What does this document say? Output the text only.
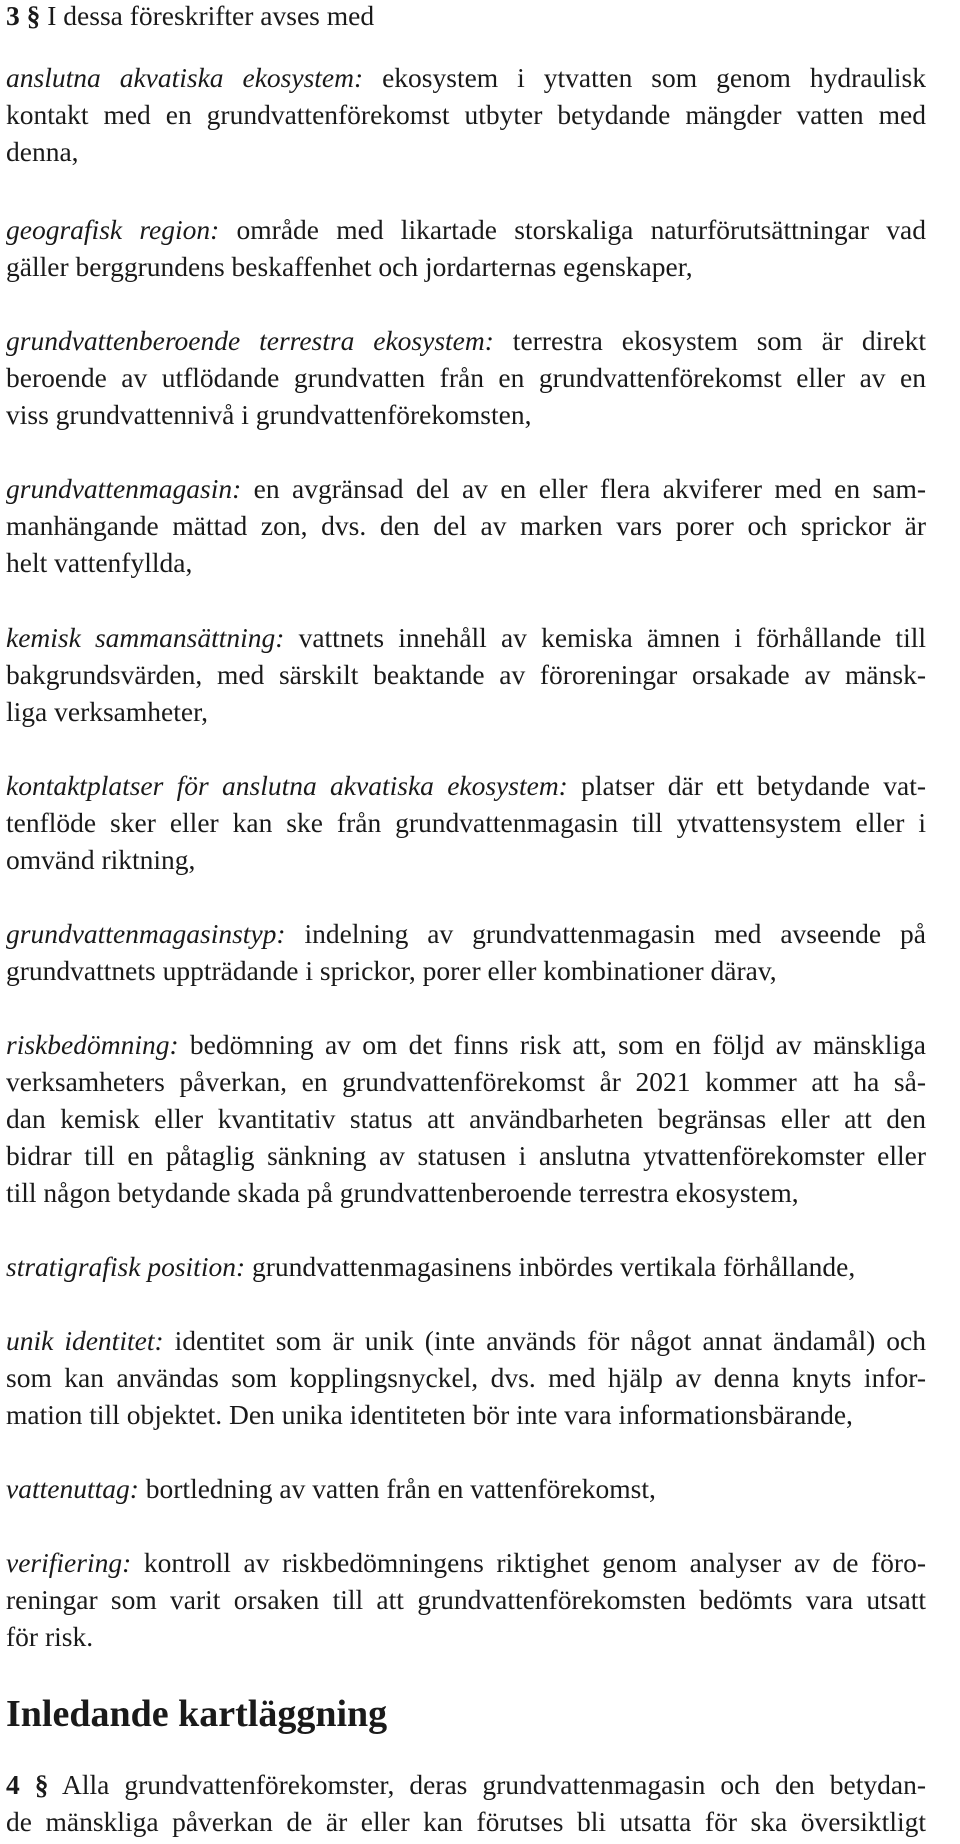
3 § I dessa föreskrifter avses med

anslutna akvatiska ekosystem: ekosystem i ytvatten som genom hydraulisk
kontakt med en grundvattenförekomst utbyter betydande mängder vatten med
denna,

geografisk region: område med likartade storskaliga naturförutsättningar vad
gäller berggrundens beskaffenhet och jordarternas egenskaper,

grundvattenberoende terrestra ekosystem: terrestra ekosystem som är direkt
beroende av utflödande grundvatten från en grundvattenförekomst eller av en
viss grundvattennivå i grundvattenförekomsten,

grundvattenmagasin: en avgränsad del av en eller flera akviferer med en sam-
manhängande mättad zon, dvs. den del av marken vars porer och sprickor är
helt vattenfyllda,

kemisk sammansättning: vattnets innehåll av kemiska ämnen i förhållande till
bakgrundsvärden, med särskilt beaktande av föroreningar orsakade av mänsk-
liga verksamheter,

kontaktplatser för anslutna akvatiska ekosystem: platser där ett betydande vat-
tenflöde sker eller kan ske från grundvattenmagasin till ytvattensystem eller i
omvänd riktning,

grundvattenmagasinstyp: indelning av grundvattenmagasin med avseende på
grundvattnets uppträdande i sprickor, porer eller kombinationer därav,

riskbedömning: bedömning av om det finns risk att, som en följd av mänskliga
verksamheters påverkan, en grundvattenförekomst år 2021 kommer att ha så-
dan kemisk eller kvantitativ status att användbarheten begränsas eller att den
bidrar till en påtaglig sänkning av statusen i anslutna ytvattenförekomster eller
till någon betydande skada på grundvattenberoende terrestra ekosystem,

stratigrafisk position: grundvattenmagasinens inbördes vertikala förhållande,

unik identitet: identitet som är unik (inte används för något annat ändamål) och
som kan användas som kopplingsnyckel, dvs. med hjälp av denna knyts infor-
mation till objektet. Den unika identiteten bör inte vara informationsbärande,

vattenuttag: bortledning av vatten från en vattenförekomst,

verifiering: kontroll av riskbedömningens riktighet genom analyser av de förо-
reningar som varit orsaken till att grundvattenförekomsten bedömts vara utsatt
för risk.

Inledande kartläggning

4 § Alla grundvattenförekomster, deras grundvattenmagasin och den betydan-
de mänskliga påverkan de är eller kan förutses bli utsatta för ska översiktligt
